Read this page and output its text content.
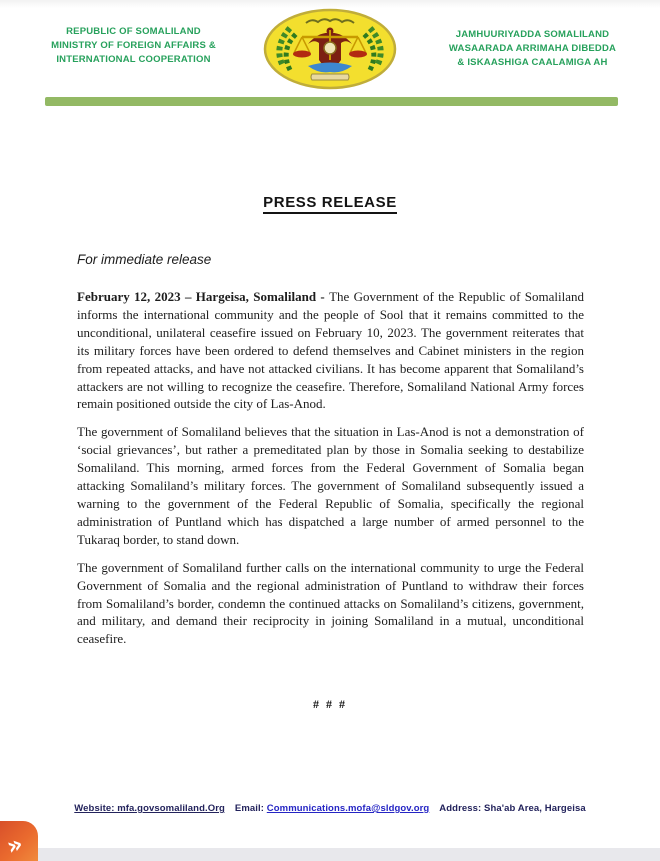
REPUBLIC OF SOMALILAND
MINISTRY OF FOREIGN AFFAIRS &
INTERNATIONAL COOPERATION
JAMHUURIYADDA SOMALILAND
WASAARADA ARRIMAHA DIBEDDA
& ISKAASHIGA CAALAMIGA AH
PRESS RELEASE
For immediate release

February 12, 2023 – Hargeisa, Somaliland - The Government of the Republic of Somaliland informs the international community and the people of Sool that it remains committed to the unconditional, unilateral ceasefire issued on February 10, 2023. The government reiterates that its military forces have been ordered to defend themselves and Cabinet ministers in the region from repeated attacks, and have not attacked civilians. It has become apparent that Somaliland’s attackers are not willing to recognize the ceasefire. Therefore, Somaliland National Army forces remain positioned outside the city of Las-Anod.

The government of Somaliland believes that the situation in Las-Anod is not a demonstration of ‘social grievances’, but rather a premeditated plan by those in Somalia seeking to destabilize Somaliland. This morning, armed forces from the Federal Government of Somalia began attacking Somaliland’s military forces. The government of Somaliland subsequently issued a warning to the government of the Federal Republic of Somalia, specifically the regional administration of Puntland which has dispatched a large number of armed personnel to the Tukaraq border, to stand down.

The government of Somaliland further calls on the international community to urge the Federal Government of Somalia and the regional administration of Puntland to withdraw their forces from Somaliland’s border, condemn the continued attacks on Somaliland’s citizens, government, and military, and demand their reciprocity in joining Somaliland in a mutual, unconditional ceasefire.

# # #
Website: mfa.govsomaliland.Org Email: Communications.mofa@sldgov.org Address: Sha'ab Area, Hargeisa
»
